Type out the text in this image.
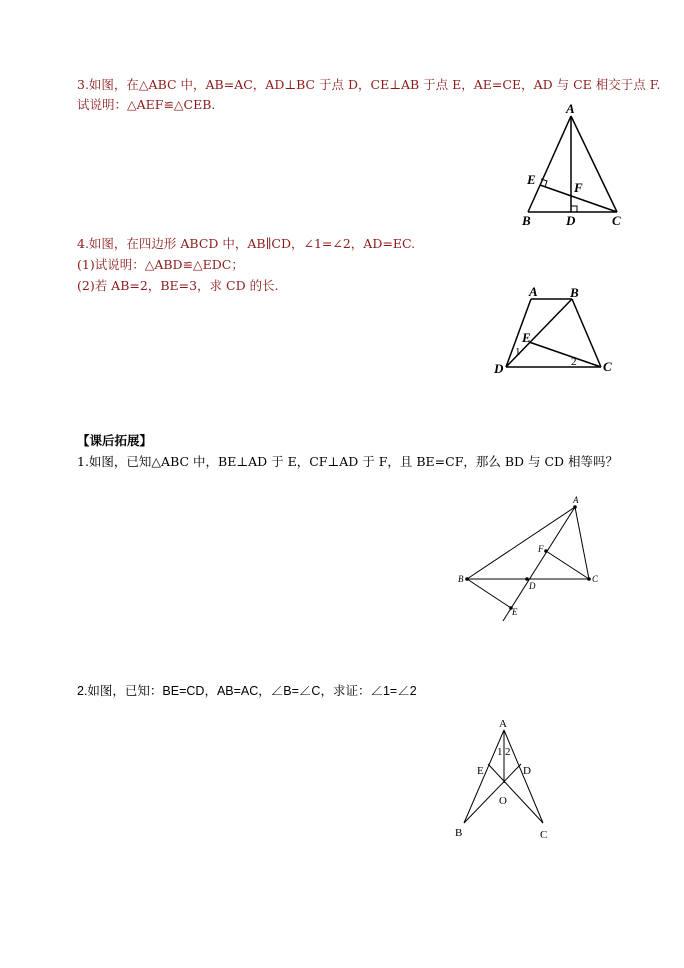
3.如图，在△ABC 中，AB=AC，AD⊥BC 于点 D，CE⊥AB 于点 E，AE=CE，AD 与 CE 相交于点 F.
试说明：△AEF≌△CEB.	A
E
F
B	D	C
4.如图，在四边形 ABCD 中，AB∥CD，∠1=∠2，AD=EC.
(1)试说明：△ABD≌△EDC；
(2)若 AB=2，BE=3，求 CD 的长.	A B
E
1
2
D	C
【课后拓展】
1.如图，已知△ABC 中，BE⊥AD 于 E，CF⊥AD 于 F，且 BE=CF，那么 BD 与 CD 相等吗？
A
F
B
D
C
E
2.如图，已知：BE=CD，AB=AC，∠B=∠C，求证：∠1=∠2
A
1 2
E	D
O
B	C
